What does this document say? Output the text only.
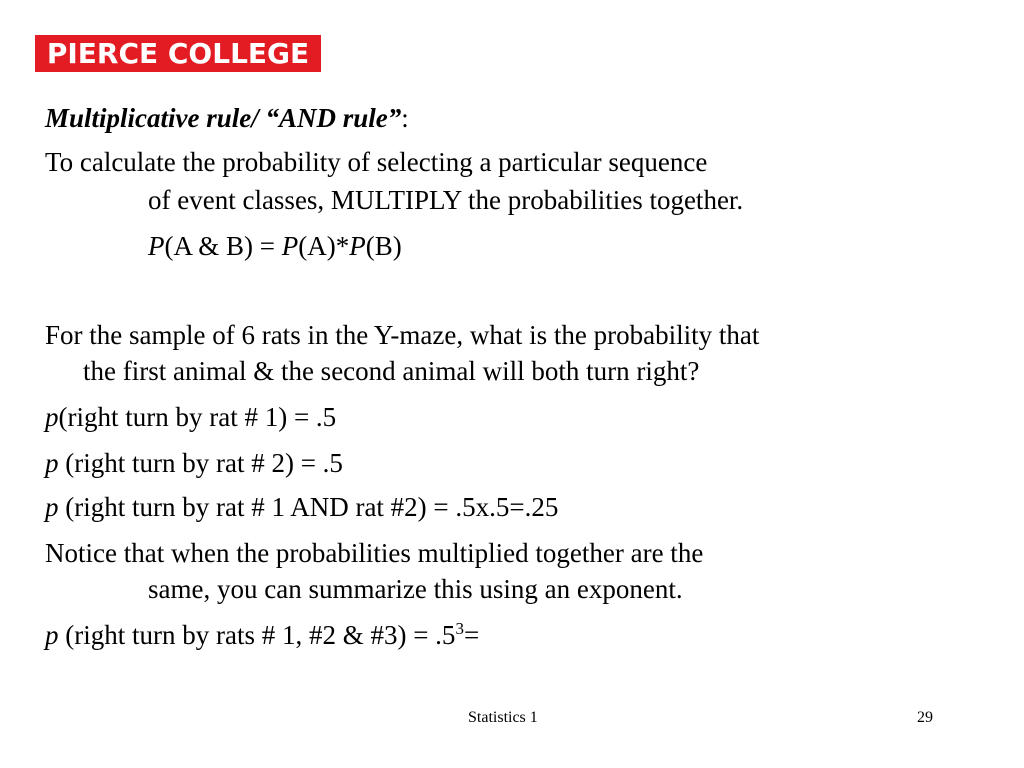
PIERCE COLLEGE
Multiplicative rule/ “AND rule”:
To calculate the probability of selecting a particular sequence
of event classes, MULTIPLY the probabilities together.
P(A & B) = P(A)*P(B)
For the sample of 6 rats in the Y-maze, what is the probability that
the first animal & the second animal will both turn right?
p(right turn by rat # 1) = .5
p (right turn by rat # 2) = .5
p (right turn by rat # 1 AND rat #2) = .5x.5=.25
Notice that when the probabilities multiplied together are the
same, you can summarize this using an exponent.
p (right turn by rats # 1, #2 & #3) = $.5^3=$
Statistics 1	29
